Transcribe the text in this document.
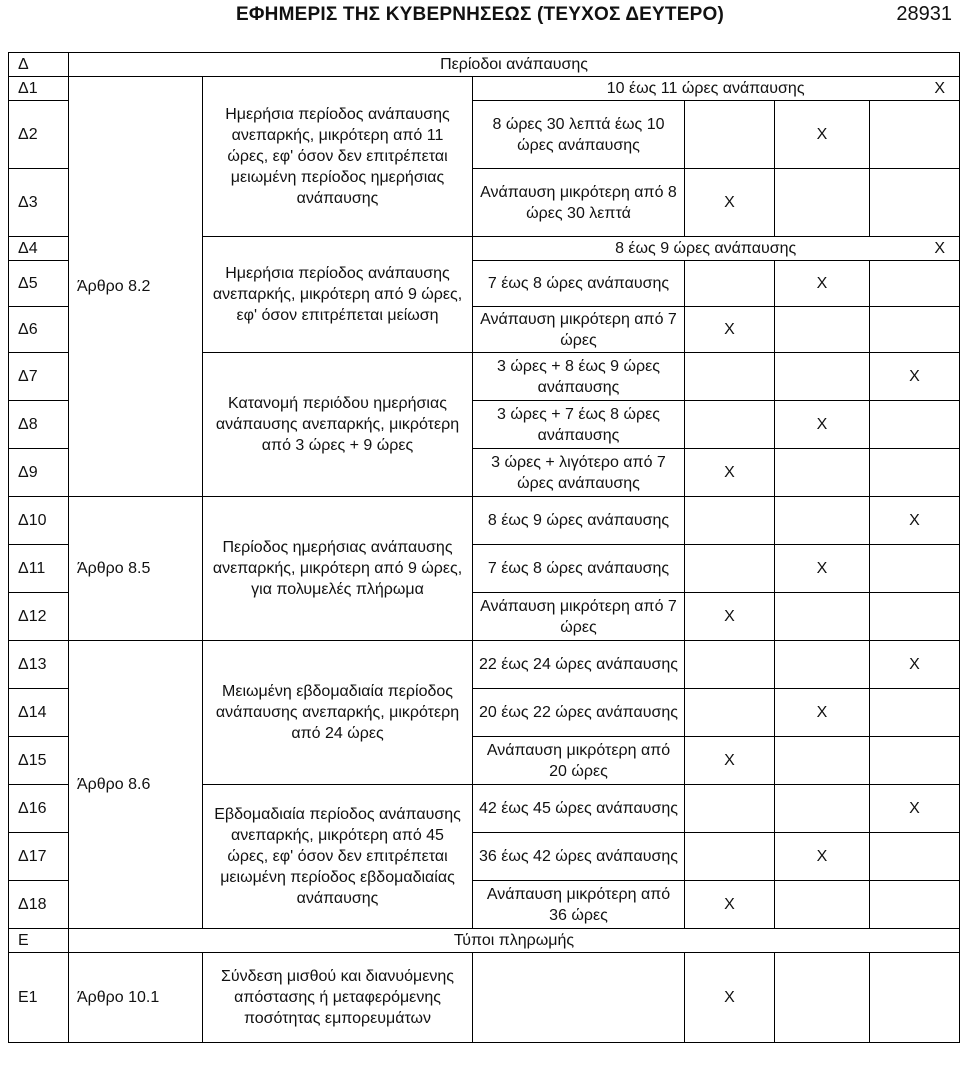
ΕΦΗΜΕΡΙΣ ΤΗΣ ΚΥΒΕΡΝΗΣΕΩΣ (ΤΕΥΧΟΣ ΔΕΥΤΕΡΟ)	28931
Δ	Περίοδοι ανάπαυσης					
Δ1	Άρθρο 8.2	Ημερήσια περίοδος ανάπαυσης ανεπαρκής, μικρότερη από 11 ώρες, εφ' όσον δεν επιτρέπεται μειωμένη περίοδος ημερήσιας ανάπαυσης	10 έως 11 ώρες ανάπαυσης X			

Δ2			8 ώρες 30 λεπτά έως 10 ώρες ανάπαυσης		X	
Δ3			Ανάπαυση μικρότερη από 8 ώρες 30 λεπτά	X		
Δ4		Ημερήσια περίοδος ανάπαυσης ανεπαρκής, μικρότερη από 9 ώρες, εφ' όσον επιτρέπεται μείωση	8 έως 9 ώρες ανάπαυσης X			

Δ5			7 έως 8 ώρες ανάπαυσης		X	
Δ6			Ανάπαυση μικρότερη από 7 ώρες	X		
Δ7		Κατανομή περιόδου ημερήσιας ανάπαυσης ανεπαρκής, μικρότερη από 3 ώρες + 9 ώρες	3 ώρες + 8 έως 9 ώρες ανάπαυσης			X
Δ8			3 ώρες + 7 έως 8 ώρες ανάπαυσης		X	
Δ9			3 ώρες + λιγότερο από 7 ώρες ανάπαυσης	X		
Δ10	Άρθρο 8.5	Περίοδος ημερήσιας ανάπαυσης ανεπαρκής, μικρότερη από 9 ώρες, για πολυμελές πλήρωμα	8 έως 9 ώρες ανάπαυσης			X
Δ11			7 έως 8 ώρες ανάπαυσης		X	
Δ12			Ανάπαυση μικρότερη από 7 ώρες	X		
Δ13	Άρθρο 8.6	Μειωμένη εβδομαδιαία περίοδος ανάπαυσης ανεπαρκής, μικρότερη από 24 ώρες	22 έως 24 ώρες ανάπαυσης			X
Δ14			20 έως 22 ώρες ανάπαυσης		X	
Δ15			Ανάπαυση μικρότερη από 20 ώρες	X		
Δ16		Εβδομαδιαία περίοδος ανάπαυσης ανεπαρκής, μικρότερη από 45 ώρες, εφ' όσον δεν επιτρέπεται μειωμένη περίοδος εβδομαδιαίας ανάπαυσης	42 έως 45 ώρες ανάπαυσης			X
Δ17			36 έως 42 ώρες ανάπαυσης		X	
Δ18			Ανάπαυση μικρότερη από 36 ώρες	X		
Ε	Τύποι πληρωμής					
Ε1	Άρθρο 10.1	Σύνδεση μισθού και διανυόμενης απόστασης ή μεταφερόμενης ποσότητας εμπορευμάτων		X		
